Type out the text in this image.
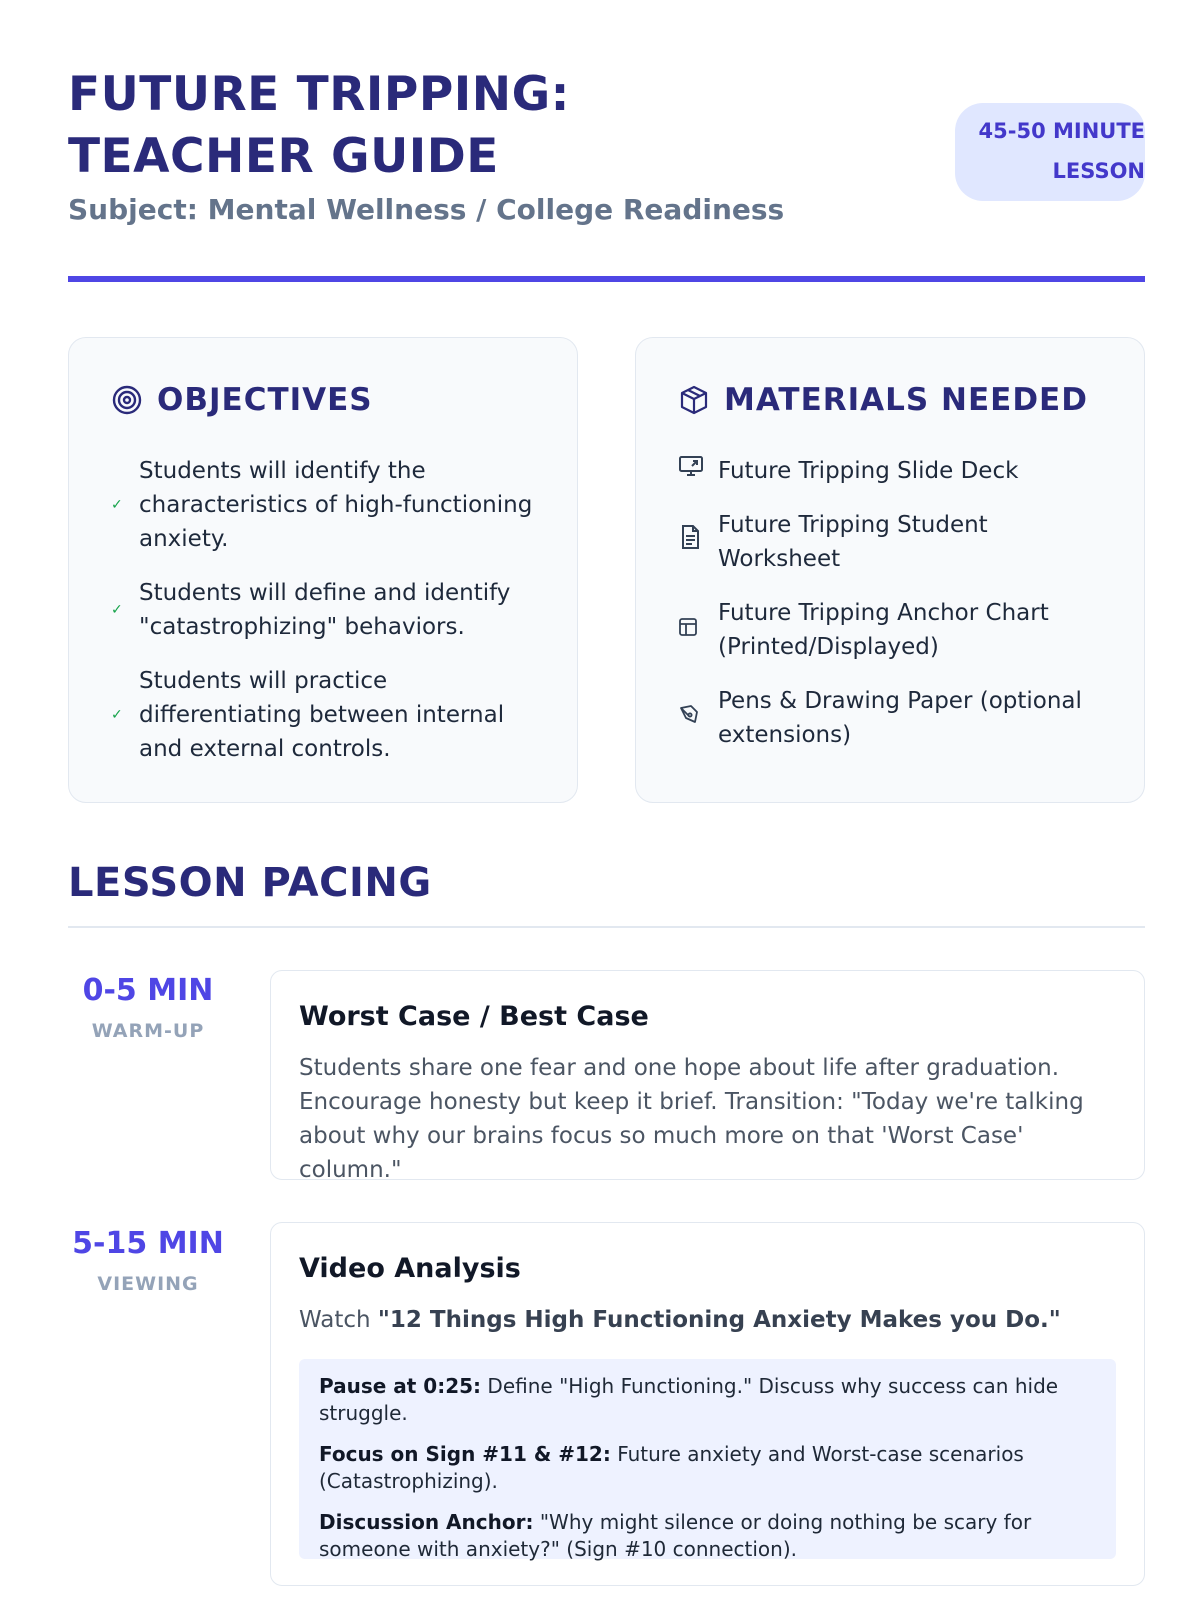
FUTURE TRIPPING: TEACHER GUIDE
Subject: Mental Wellness / College Readiness
45-50 MINUTE LESSON
OBJECTIVES
✓
Students will identify the characteristics of high-functioning anxiety.
✓
Students will define and identify "catastrophizing" behaviors.
✓
Students will practice differentiating between internal and external controls.
MATERIALS NEEDED
Future Tripping Slide Deck
Future Tripping Student Worksheet
Future Tripping Anchor Chart (Printed/Displayed)
Pens & Drawing Paper (optional extensions)
LESSON PACING
0-5 MIN
WARM-UP	Worst Case / Best Case
Students share one fear and one hope about life after graduation. Encourage honesty but keep it brief. Transition: "Today we're talking about why our brains focus so much more on that 'Worst Case' column."
5-15 MIN
VIEWING	Video Analysis
Watch "12 Things High Functioning Anxiety Makes you Do."

Pause at 0:25: Define "High Functioning." Discuss why success can hide struggle.

Focus on Sign #11 & #12: Future anxiety and Worst-case scenarios (Catastrophizing).

Discussion Anchor: "Why might silence or doing nothing be scary for someone with anxiety?" (Sign #10 connection).
